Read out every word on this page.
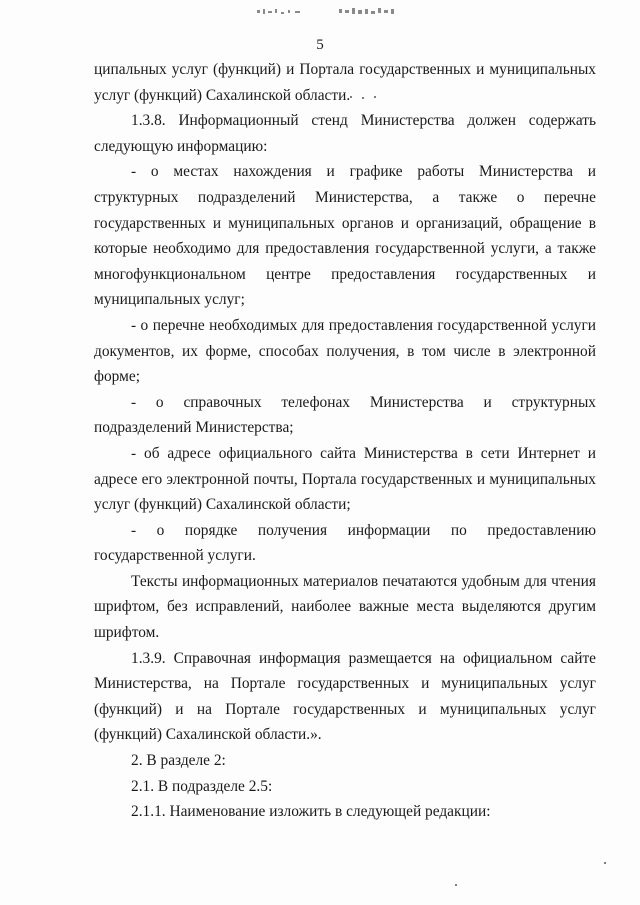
5

ципальных услуг (функций) и Портала государственных и муниципальных услуг (функций) Сахалинской области.

1.3.8. Информационный стенд Министерства должен содержать следующую информацию:

- о местах нахождения и графике работы Министерства и структурных подразделений Министерства, а также о перечне государственных и муниципальных органов и организаций, обращение в которые необходимо для предоставления государственной услуги, а также многофункциональном центре предоставления государственных и муниципальных услуг;

- о перечне необходимых для предоставления государственной услуги документов, их форме, способах получения, в том числе в электронной форме;

- о справочных телефонах Министерства и структурных подразделений Министерства;

- об адресе официального сайта Министерства в сети Интернет и адресе его электронной почты, Портала государственных и муниципальных услуг (функций) Сахалинской области;

- о порядке получения информации по предоставлению государственной услуги.

Тексты информационных материалов печатаются удобным для чтения шрифтом, без исправлений, наиболее важные места выделяются другим шрифтом.

1.3.9. Справочная информация размещается на официальном сайте Министерства, на Портале государственных и муниципальных услуг (функций) и на Портале государственных и муниципальных услуг (функций) Сахалинской области.».

2. В разделе 2:

2.1. В подразделе 2.5:

2.1.1. Наименование изложить в следующей редакции:
